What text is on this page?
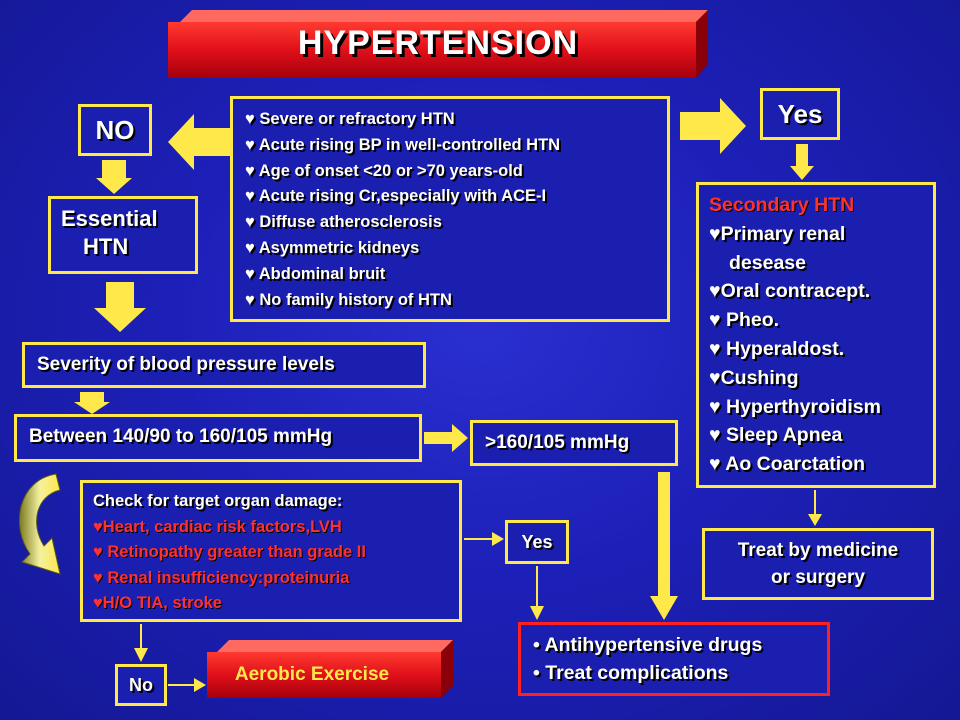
HYPERTENSION
♥ Severe or refractory HTN
♥ Acute rising BP in well-controlled HTN
♥ Age of onset <20 or >70 years-old
♥ Acute rising Cr,especially with ACE-I
♥ Diffuse atherosclerosis
♥ Asymmetric kidneys
♥ Abdominal bruit
♥ No family history of HTN
NO
Yes
Essential
HTN
Severity of blood pressure levels
Between 140/90 to 160/105 mmHg	>160/105 mmHg
Secondary HTN
♥Primary renal
desease
♥Oral contracept.
♥ Pheo.
♥ Hyperaldost.
♥Cushing
♥ Hyperthyroidism
♥ Sleep Apnea
♥ Ao Coarctation
Treat by medicine
or surgery
Check for target organ damage:
♥Heart, cardiac risk factors,LVH
♥ Retinopathy greater than grade II
♥ Renal insufficiency:proteinuria
♥H/O TIA, stroke
Yes
No	Aerobic Exercise
• Antihypertensive drugs
• Treat complications
